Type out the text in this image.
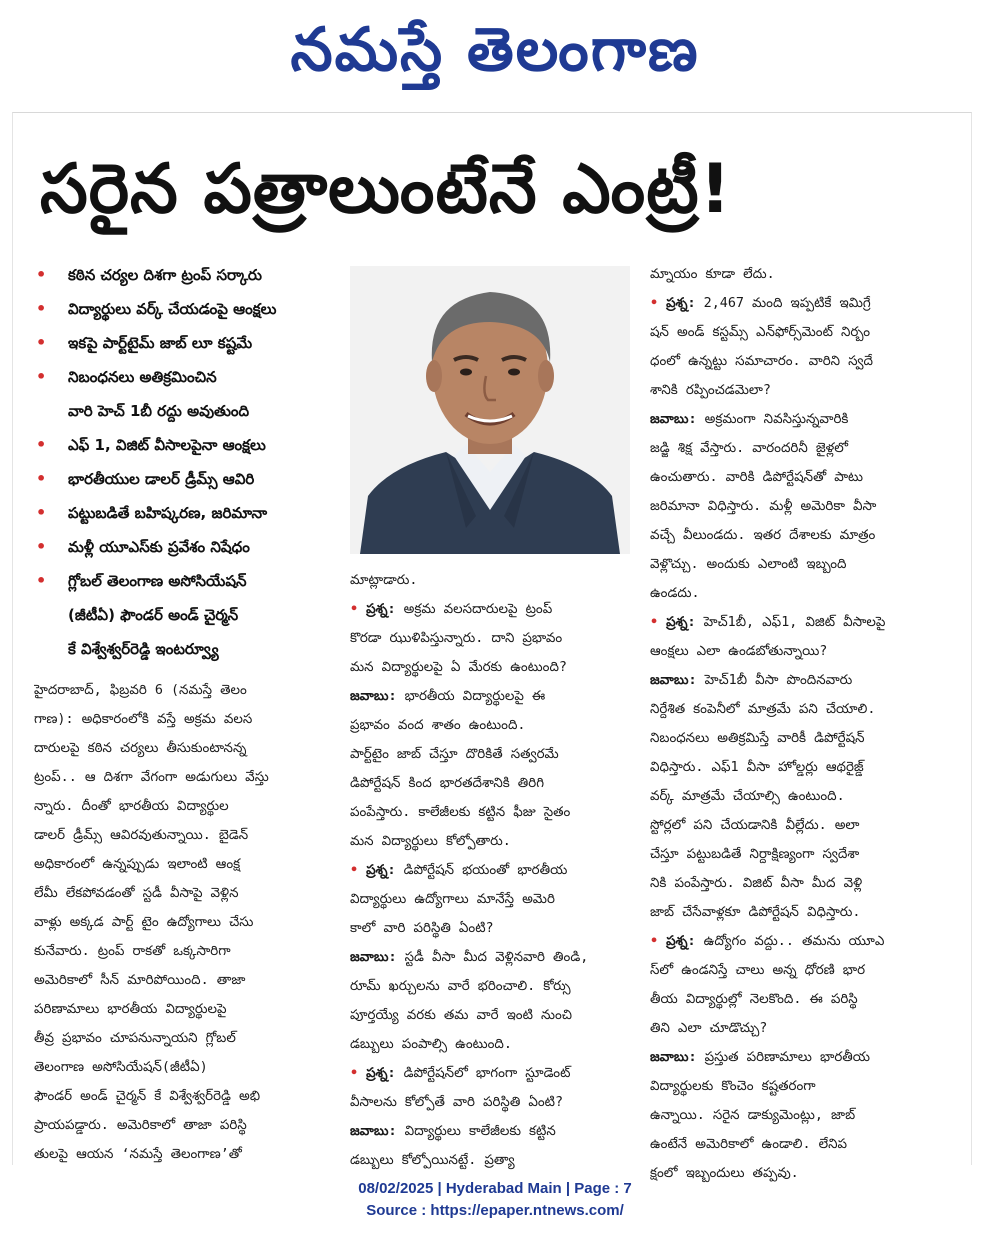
నమస్తే తెలంగాణ
సరైన పత్రాలుంటేనే ఎంట్రీ!
• కఠిన చర్యల దిశగా ట్రంప్ సర్కారు
• విద్యార్థులు వర్క్ చేయడంపై ఆంక్షలు
• ఇకపై పార్ట్‌టైమ్ జాబ్ లూ కష్టమే
• నిబంధనలు అతిక్రమించిన
వారి హెచ్ 1బీ రద్దు అవుతుంది
• ఎఫ్ 1, విజిట్ వీసాలపైనా ఆంక్షలు
• భారతీయుల డాలర్ డ్రీమ్స్ ఆవిరి
• పట్టుబడితే బహిష్కరణ, జరిమానా
• మళ్లీ యూఎస్‌కు ప్రవేశం నిషేధం
• గ్లోబల్ తెలంగాణ అసోసియేషన్
(జీటీఏ) ఫౌండర్ అండ్ చైర్మన్
కే విశ్వేశ్వర్‌రెడ్డి ఇంటర్వ్యూ
హైదరాబాద్, ఫిబ్రవరి 6 (నమస్తే తెలం
గాణ): అధికారంలోకి వస్తే అక్రమ వలస
దారులపై కఠిన చర్యలు తీసుకుంటానన్న
ట్రంప్.. ఆ దిశగా వేగంగా అడుగులు వేస్తు
న్నారు. దీంతో భారతీయ విద్యార్థుల
డాలర్ డ్రీమ్స్ ఆవిరవుతున్నాయి. బైడెన్
అధికారంలో ఉన్నప్పుడు ఇలాంటి ఆంక్ష
లేమీ లేకపోవడంతో స్టడీ వీసాపై వెళ్లిన
వాళ్లు అక్కడ పార్ట్ టైం ఉద్యోగాలు చేసు
కునేవారు. ట్రంప్ రాకతో ఒక్కసారిగా
అమెరికాలో సీన్ మారిపోయింది. తాజా
పరిణామాలు భారతీయ విద్యార్థులపై
తీవ్ర ప్రభావం చూపనున్నాయని గ్లోబల్
తెలంగాణ అసోసియేషన్(జీటీఏ)
ఫౌండర్ అండ్ చైర్మన్ కే విశ్వేశ్వర్‌రెడ్డి అభి
ప్రాయపడ్డారు. అమెరికాలో తాజా పరిస్థి
తులపై ఆయన ‘నమస్తే తెలంగాణ’తో
మాట్లాడారు.
• ప్రశ్న: అక్రమ వలసదారులపై ట్రంప్
కొరడా ఝుళిపిస్తున్నారు. దాని ప్రభావం
మన విద్యార్థులపై ఏ మేరకు ఉంటుంది?
జవాబు: భారతీయ విద్యార్థులపై ఈ
ప్రభావం వంద శాతం ఉంటుంది.
పార్ట్‌టైం జాబ్ చేస్తూ దొరికితే సత్వరమే
డిపోర్టేషన్ కింద భారతదేశానికి తిరిగి
పంపేస్తారు. కాలేజీలకు కట్టిన ఫీజు సైతం
మన విద్యార్థులు కోల్పోతారు.
• ప్రశ్న: డిపోర్టేషన్ భయంతో భారతీయ
విద్యార్థులు ఉద్యోగాలు మానేస్తే అమెరి
కాలో వారి పరిస్థితి ఏంటి?
జవాబు: స్టడీ వీసా మీద వెళ్లినవారి తిండి,
రూమ్ ఖర్చులను వారే భరించాలి. కోర్సు
పూర్తయ్యే వరకు తమ వారే ఇంటి నుంచి
డబ్బులు పంపాల్సి ఉంటుంది.
• ప్రశ్న: డిపోర్టేషన్‌లో భాగంగా స్టూడెంట్
వీసాలను కోల్పోతే వారి పరిస్థితి ఏంటి?
జవాబు: విద్యార్థులు కాలేజీలకు కట్టిన
డబ్బులు కోల్పోయినట్టే. ప్రత్యా
మ్నాయం కూడా లేదు.
• ప్రశ్న: 2,467 మంది ఇప్పటికే ఇమిగ్రే
షన్ అండ్ కస్టమ్స్ ఎన్‌ఫోర్స్‌మెంట్ నిర్బం
ధంలో ఉన్నట్టు సమాచారం. వారిని స్వదే
శానికి రప్పించడమెలా?
జవాబు: అక్రమంగా నివసిస్తున్నవారికి
జడ్జి శిక్ష వేస్తారు. వారందరినీ జైళ్లలో
ఉంచుతారు. వారికి డిపోర్టేషన్‌తో పాటు
జరిమానా విధిస్తారు. మళ్లీ అమెరికా వీసా
వచ్చే వీలుండదు. ఇతర దేశాలకు మాత్రం
వెళ్లొచ్చు. అందుకు ఎలాంటి ఇబ్బంది
ఉండదు.
• ప్రశ్న: హెచ్1బీ, ఎఫ్1, విజిట్ వీసాలపై
ఆంక్షలు ఎలా ఉండబోతున్నాయి?
జవాబు: హెచ్1బీ వీసా పొందినవారు
నిర్దేశిత కంపెనీలో మాత్రమే పని చేయాలి.
నిబంధనలు అతిక్రమిస్తే వారికీ డిపోర్టేషన్
విధిస్తారు. ఎఫ్1 వీసా హోల్డర్లు ఆథరైజ్డ్
వర్క్ మాత్రమే చేయాల్సి ఉంటుంది.
స్టోర్లలో పని చేయడానికి వీల్లేదు. అలా
చేస్తూ పట్టుబడితే నిర్దాక్షిణ్యంగా స్వదేశా
నికి పంపేస్తారు. విజిట్ వీసా మీద వెళ్లి
జాబ్ చేసేవాళ్లకూ డిపోర్టేషన్ విధిస్తారు.
• ప్రశ్న: ఉద్యోగం వద్దు.. తమను యూఎ
స్‌లో ఉండనిస్తే చాలు అన్న ధోరణి భార
తీయ విద్యార్థుల్లో నెలకొంది. ఈ పరిస్థి
తిని ఎలా చూడొచ్చు?
జవాబు: ప్రస్తుత పరిణామాలు భారతీయ
విద్యార్థులకు కొంచెం కష్టతరంగా
ఉన్నాయి. సరైన డాక్యుమెంట్లు, జాబ్
ఉంటేనే అమెరికాలో ఉండాలి. లేనిప
క్షంలో ఇబ్బందులు తప్పవు.
08/02/2025 | Hyderabad Main | Page : 7
Source : https://epaper.ntnews.com/
